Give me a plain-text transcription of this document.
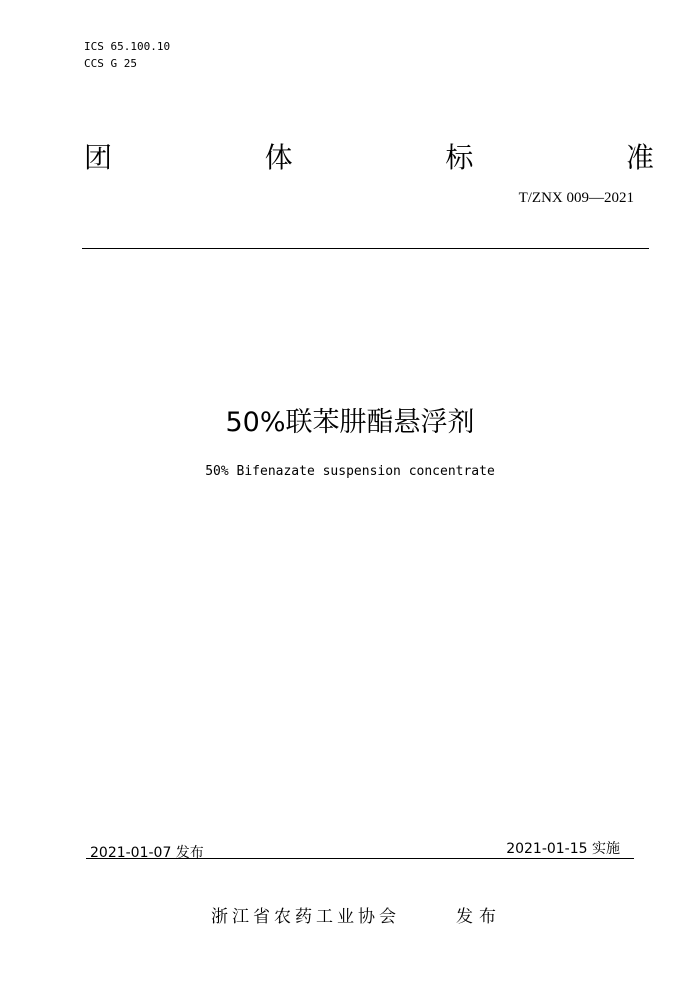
ICS 65.100.10
CCS G 25
团	体	标	准
T/ZNX 009—2021
50%联苯肼酯悬浮剂
50% Bifenazate suspension concentrate
2021-01-07 发布	2021-01-15 实施
浙江省农药工业协会	发布
